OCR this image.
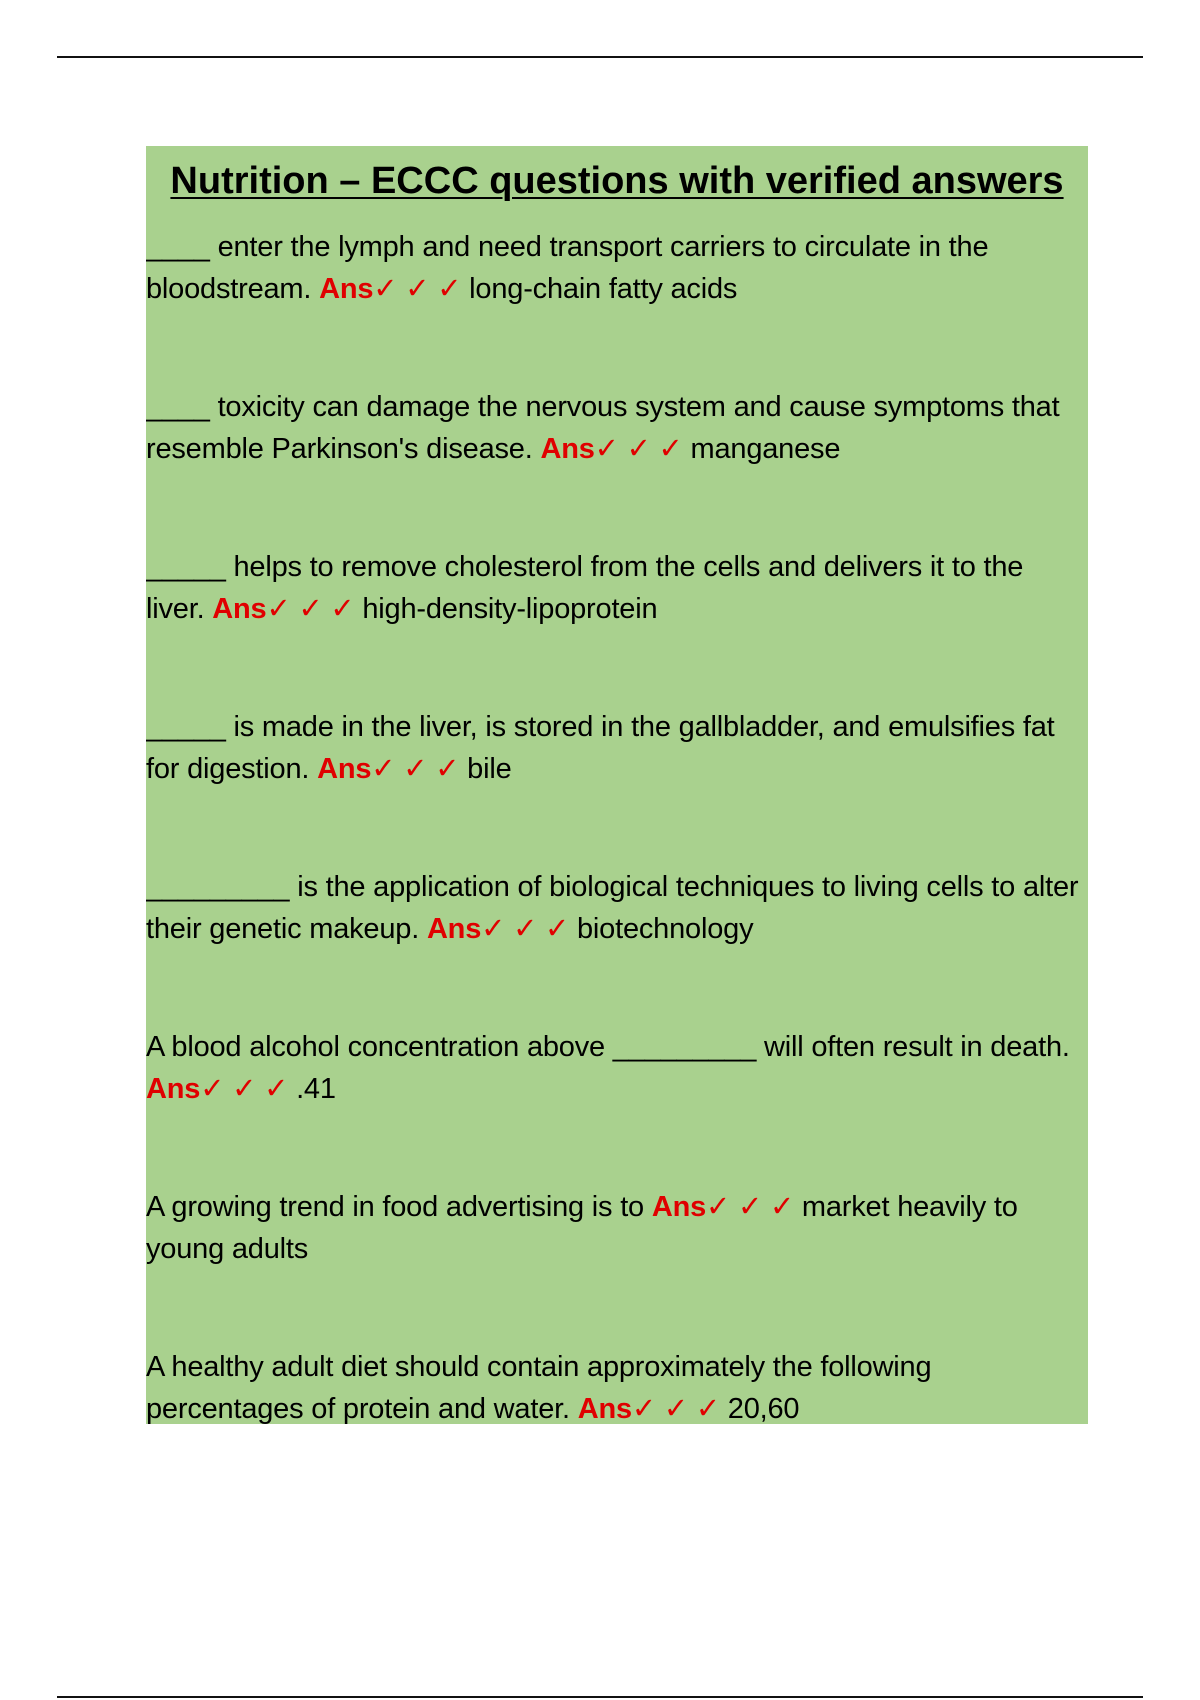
Nutrition – ECCC questions with verified answers
____ enter the lymph and need transport carriers to circulate in the bloodstream. Ans✓ ✓ ✓ long-chain fatty acids
____ toxicity can damage the nervous system and cause symptoms that resemble Parkinson's disease. Ans✓ ✓ ✓ manganese
_____ helps to remove cholesterol from the cells and delivers it to the liver. Ans✓ ✓ ✓ high-density-lipoprotein
_____ is made in the liver, is stored in the gallbladder, and emulsifies fat for digestion. Ans✓ ✓ ✓ bile
_________ is the application of biological techniques to living cells to alter their genetic makeup. Ans✓ ✓ ✓ biotechnology
A blood alcohol concentration above _________ will often result in death. Ans✓ ✓ ✓ .41
A growing trend in food advertising is to Ans✓ ✓ ✓ market heavily to young adults
A healthy adult diet should contain approximately the following percentages of protein and water. Ans✓ ✓ ✓ 20,60
